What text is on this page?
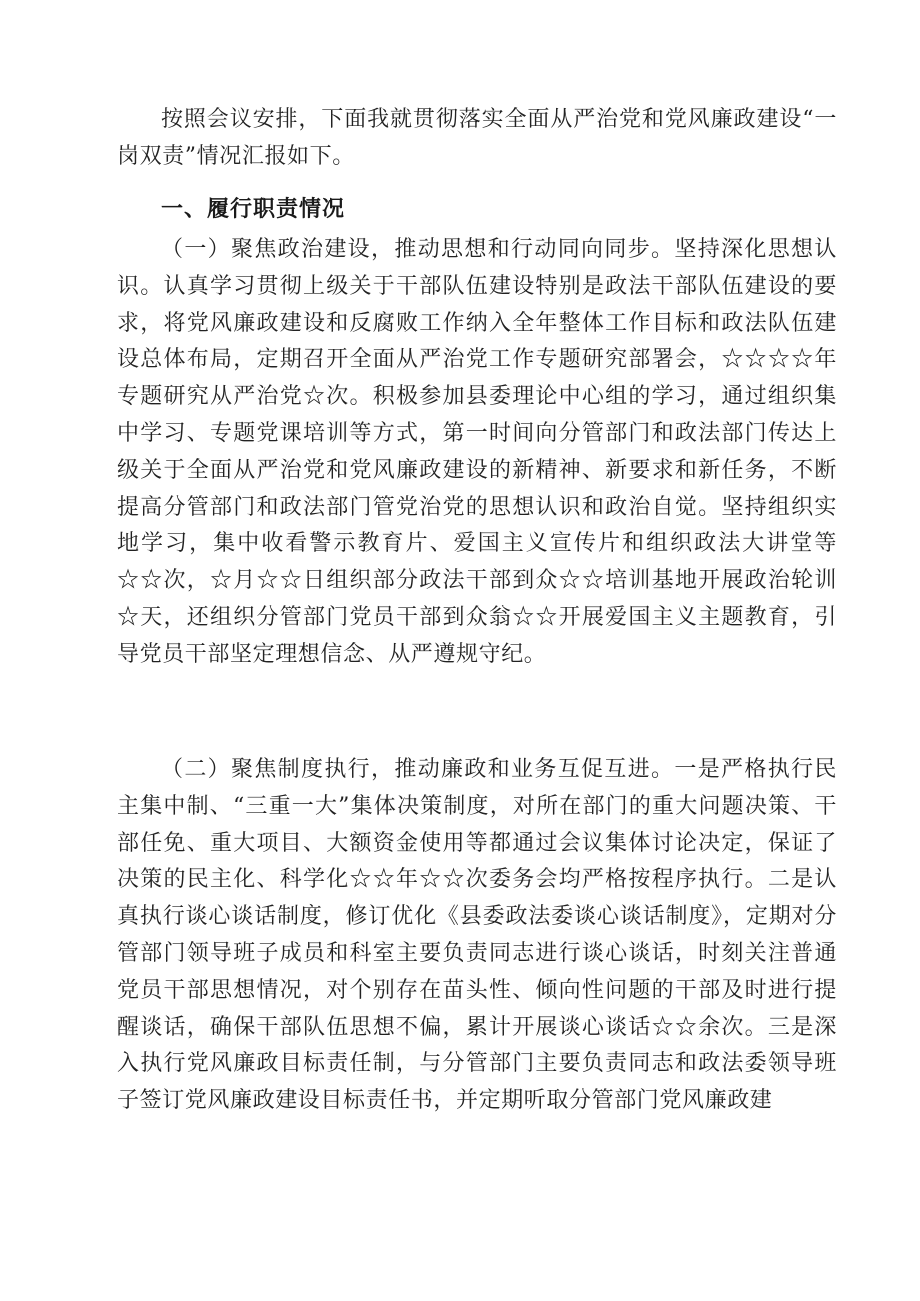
按照会议安排，下面我就贯彻落实全面从严治党和党风廉政建设“一岗双责”情况汇报如下。
一、履行职责情况
（一）聚焦政治建设，推动思想和行动同向同步。坚持深化思想认识。认真学习贯彻上级关于干部队伍建设特别是政法干部队伍建设的要求，将党风廉政建设和反腐败工作纳入全年整体工作目标和政法队伍建设总体布局，定期召开全面从严治党工作专题研究部署会，☆☆☆☆年专题研究从严治党☆次。积极参加县委理论中心组的学习，通过组织集中学习、专题党课培训等方式，第一时间向分管部门和政法部门传达上级关于全面从严治党和党风廉政建设的新精神、新要求和新任务，不断提高分管部门和政法部门管党治党的思想认识和政治自觉。坚持组织实地学习，集中收看警示教育片、爱国主义宣传片和组织政法大讲堂等☆☆次，☆月☆☆日组织部分政法干部到众☆☆培训基地开展政治轮训☆天，还组织分管部门党员干部到众翁☆☆开展爱国主义主题教育，引导党员干部坚定理想信念、从严遵规守纪。
（二）聚焦制度执行，推动廉政和业务互促互进。一是严格执行民主集中制、“三重一大”集体决策制度，对所在部门的重大问题决策、干部任免、重大项目、大额资金使用等都通过会议集体讨论决定，保证了决策的民主化、科学化☆☆年☆☆次委务会均严格按程序执行。二是认真执行谈心谈话制度，修订优化《县委政法委谈心谈话制度》，定期对分管部门领导班子成员和科室主要负责同志进行谈心谈话，时刻关注普通党员干部思想情况，对个别存在苗头性、倾向性问题的干部及时进行提醒谈话，确保干部队伍思想不偏，累计开展谈心谈话☆☆余次。三是深入执行党风廉政目标责任制，与分管部门主要负责同志和政法委领导班子签订党风廉政建设目标责任书，并定期听取分管部门党风廉政建
